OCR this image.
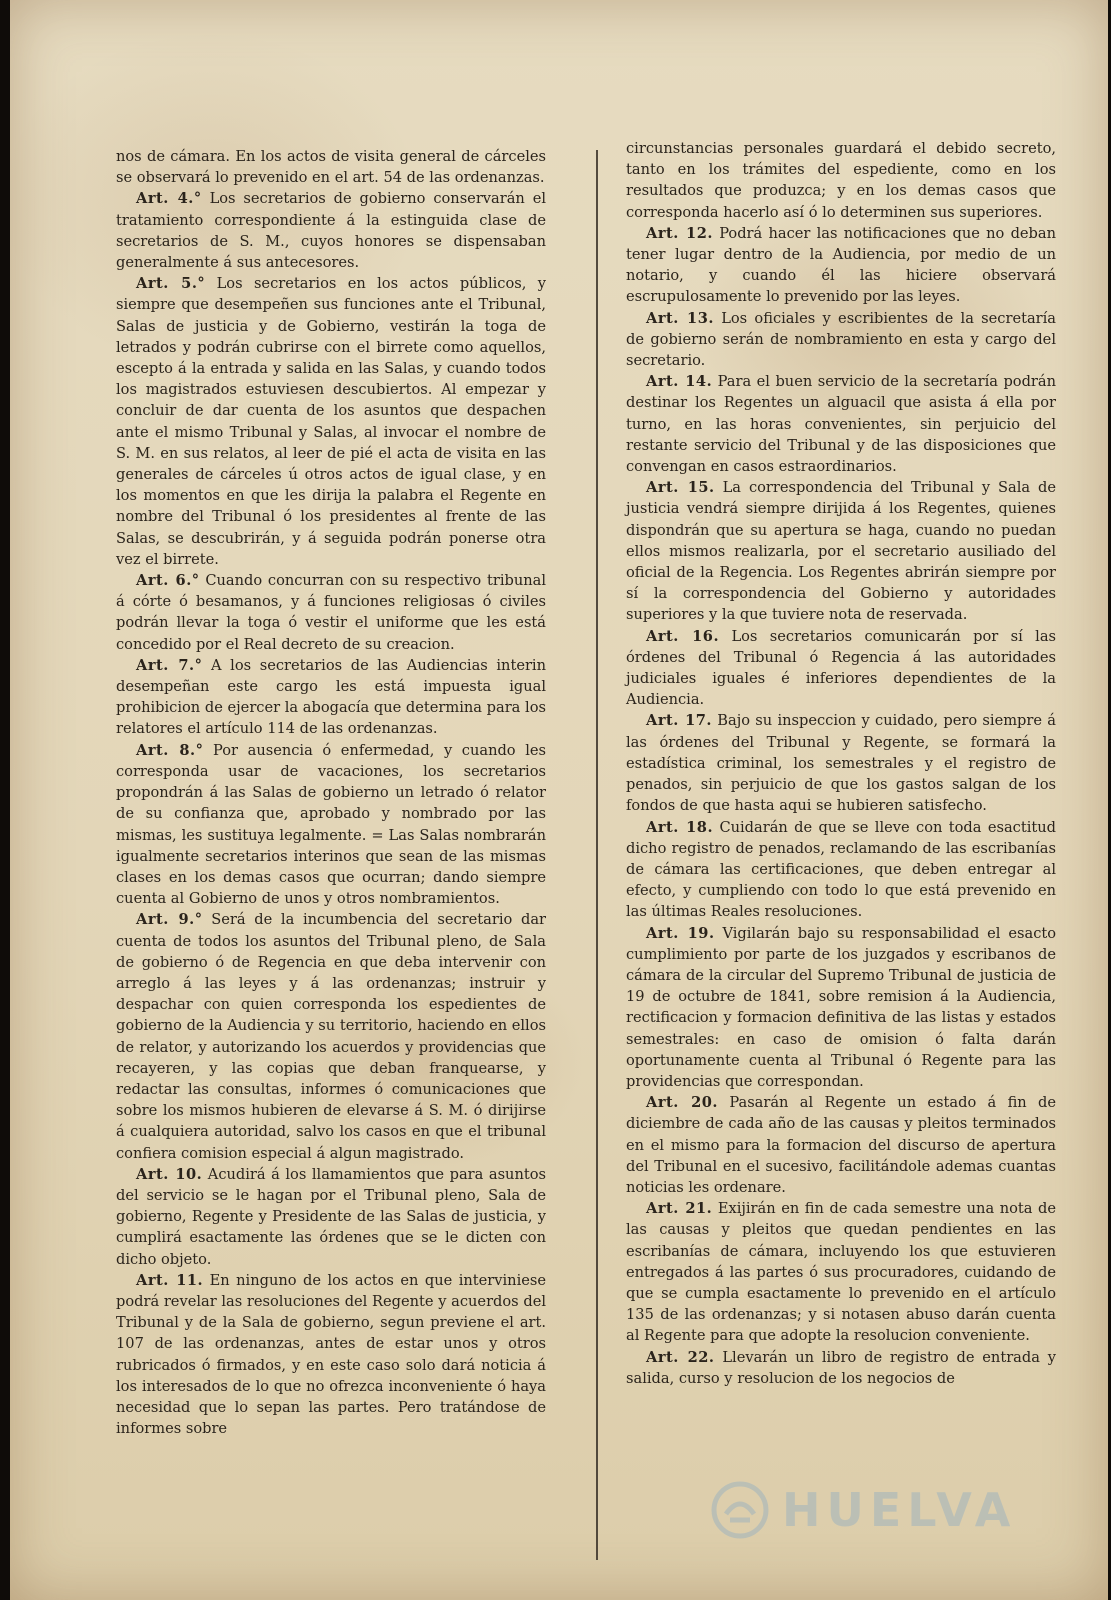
nos de cámara. En los actos de visita general de cárceles se observará lo prevenido en el art. 54 de las ordenanzas.

Art. 4.° Los secretarios de gobierno conservarán el tratamiento correspondiente á la estinguida clase de secretarios de S. M., cuyos honores se dispensaban generalmente á sus antecesores.

Art. 5.° Los secretarios en los actos públicos, y siempre que desempeñen sus funciones ante el Tribunal, Salas de justicia y de Gobierno, vestirán la toga de letrados y podrán cubrirse con el birrete como aquellos, escepto á la entrada y salida en las Salas, y cuando todos los magistrados estuviesen descubiertos. Al empezar y concluir de dar cuenta de los asuntos que despachen ante el mismo Tribunal y Salas, al invocar el nombre de S. M. en sus relatos, al leer de pié el acta de visita en las generales de cárceles ú otros actos de igual clase, y en los momentos en que les dirija la palabra el Regente en nombre del Tribunal ó los presidentes al frente de las Salas, se descubrirán, y á seguida podrán ponerse otra vez el birrete.

Art. 6.° Cuando concurran con su respectivo tribunal á córte ó besamanos, y á funciones religiosas ó civiles podrán llevar la toga ó vestir el uniforme que les está concedido por el Real decreto de su creacion.

Art. 7.° A los secretarios de las Audiencias interin desempeñan este cargo les está impuesta igual prohibicion de ejercer la abogacía que determina para los relatores el artículo 114 de las ordenanzas.

Art. 8.° Por ausencia ó enfermedad, y cuando les corresponda usar de vacaciones, los secretarios propondrán á las Salas de gobierno un letrado ó relator de su confianza que, aprobado y nombrado por las mismas, les sustituya legalmente. = Las Salas nombrarán igualmente secretarios interinos que sean de las mismas clases en los demas casos que ocurran; dando siempre cuenta al Gobierno de unos y otros nombramientos.

Art. 9.° Será de la incumbencia del secretario dar cuenta de todos los asuntos del Tribunal pleno, de Sala de gobierno ó de Regencia en que deba intervenir con arreglo á las leyes y á las ordenanzas; instruir y despachar con quien corresponda los espedientes de gobierno de la Audiencia y su territorio, haciendo en ellos de relator, y autorizando los acuerdos y providencias que recayeren, y las copias que deban franquearse, y redactar las consultas, informes ó comunicaciones que sobre los mismos hubieren de elevarse á S. M. ó dirijirse á cualquiera autoridad, salvo los casos en que el tribunal confiera comision especial á algun magistrado.

Art. 10. Acudirá á los llamamientos que para asuntos del servicio se le hagan por el Tribunal pleno, Sala de gobierno, Regente y Presidente de las Salas de justicia, y cumplirá esactamente las órdenes que se le dicten con dicho objeto.

Art. 11. En ninguno de los actos en que interviniese podrá revelar las resoluciones del Regente y acuerdos del Tribunal y de la Sala de gobierno, segun previene el art. 107 de las ordenanzas, antes de estar unos y otros rubricados ó firmados, y en este caso solo dará noticia á los interesados de lo que no ofrezca inconveniente ó haya necesidad que lo sepan las partes. Pero tratándose de informes sobre

circunstancias personales guardará el debido secreto, tanto en los trámites del espediente, como en los resultados que produzca; y en los demas casos que corresponda hacerlo así ó lo determinen sus superiores.

Art. 12. Podrá hacer las notificaciones que no deban tener lugar dentro de la Audiencia, por medio de un notario, y cuando él las hiciere observará escrupulosamente lo prevenido por las leyes.

Art. 13. Los oficiales y escribientes de la secretaría de gobierno serán de nombramiento en esta y cargo del secretario.

Art. 14. Para el buen servicio de la secretaría podrán destinar los Regentes un alguacil que asista á ella por turno, en las horas convenientes, sin perjuicio del restante servicio del Tribunal y de las disposiciones que convengan en casos estraordinarios.

Art. 15. La correspondencia del Tribunal y Sala de justicia vendrá siempre dirijida á los Regentes, quienes dispondrán que su apertura se haga, cuando no puedan ellos mismos realizarla, por el secretario ausiliado del oficial de la Regencia. Los Regentes abrirán siempre por sí la correspondencia del Gobierno y autoridades superiores y la que tuviere nota de reservada.

Art. 16. Los secretarios comunicarán por sí las órdenes del Tribunal ó Regencia á las autoridades judiciales iguales é inferiores dependientes de la Audiencia.

Art. 17. Bajo su inspeccion y cuidado, pero siempre á las órdenes del Tribunal y Regente, se formará la estadística criminal, los semestrales y el registro de penados, sin perjuicio de que los gastos salgan de los fondos de que hasta aqui se hubieren satisfecho.

Art. 18. Cuidarán de que se lleve con toda esactitud dicho registro de penados, reclamando de las escribanías de cámara las certificaciones, que deben entregar al efecto, y cumpliendo con todo lo que está prevenido en las últimas Reales resoluciones.

Art. 19. Vigilarán bajo su responsabilidad el esacto cumplimiento por parte de los juzgados y escribanos de cámara de la circular del Supremo Tribunal de justicia de 19 de octubre de 1841, sobre remision á la Audiencia, rectificacion y formacion definitiva de las listas y estados semestrales: en caso de omision ó falta darán oportunamente cuenta al Tribunal ó Regente para las providencias que correspondan.

Art. 20. Pasarán al Regente un estado á fin de diciembre de cada año de las causas y pleitos terminados en el mismo para la formacion del discurso de apertura del Tribunal en el sucesivo, facilitándole ademas cuantas noticias les ordenare.

Art. 21. Exijirán en fin de cada semestre una nota de las causas y pleitos que quedan pendientes en las escribanías de cámara, incluyendo los que estuvieren entregados á las partes ó sus procuradores, cuidando de que se cumpla esactamente lo prevenido en el artículo 135 de las ordenanzas; y si notasen abuso darán cuenta al Regente para que adopte la resolucion conveniente.

Art. 22. Llevarán un libro de registro de entrada y salida, curso y resolucion de los negocios de

HUELVA
